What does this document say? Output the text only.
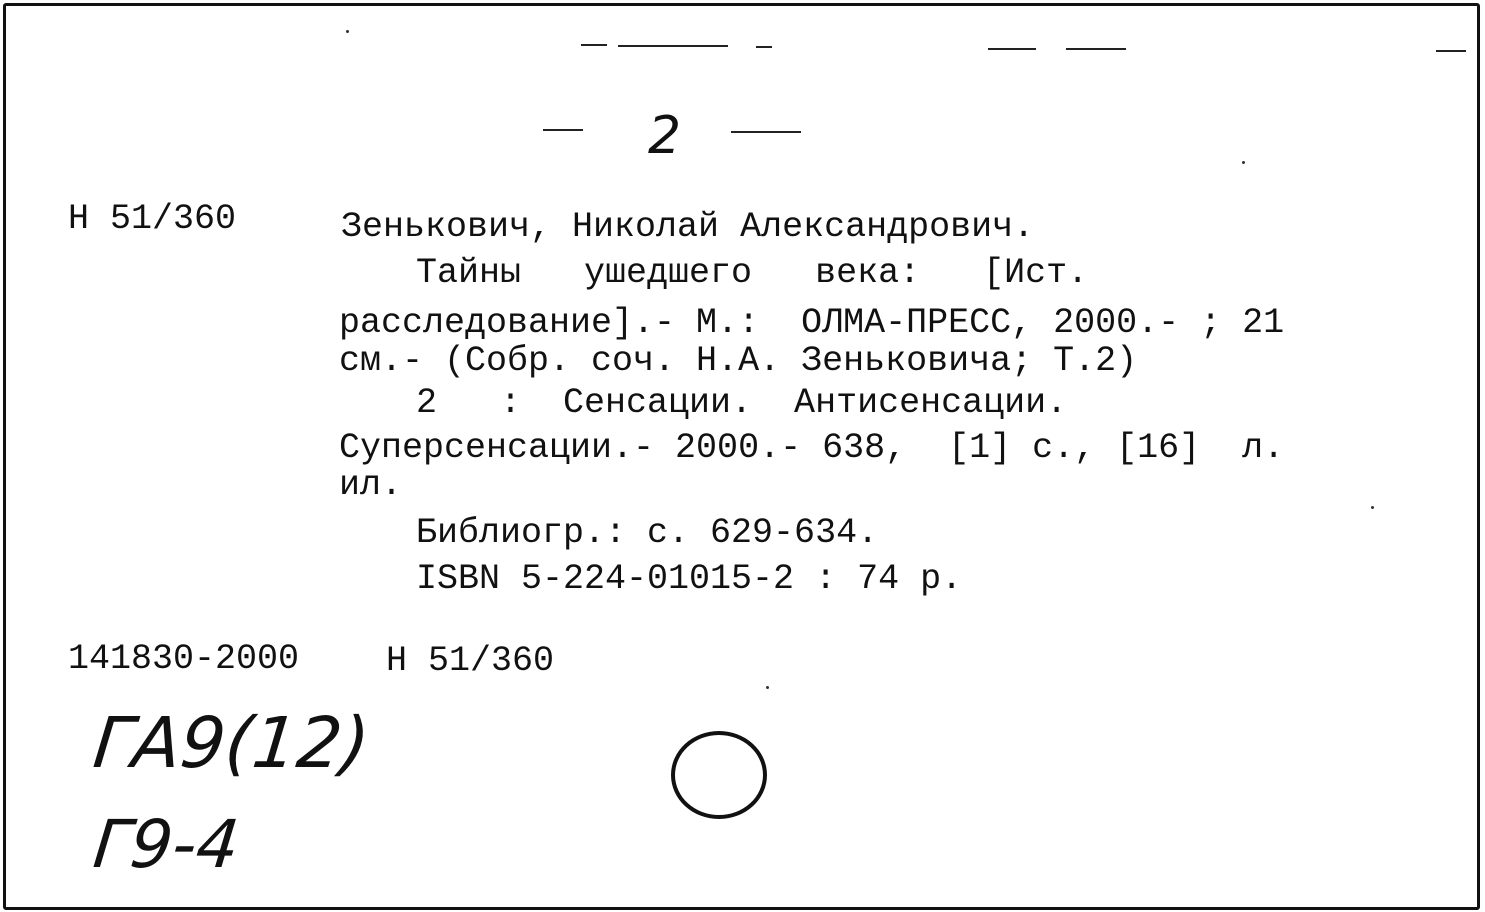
2

Н 51/360	Зенькович, Николай Александрович.

Тайны   ушедшего   века:   [Ист.

расследование].- М.:  ОЛМА-ПРЕСС, 2000.- ; 21

см.- (Собр. соч. Н.А. Зеньковича; Т.2)

2   :  Сенсации.  Антисенсации.

Суперсенсации.- 2000.- 638,  [1] с., [16]  л.

ил.

Библиогр.: с. 629-634.

ISBN 5-224-01015-2 : 74 р.

141830-2000 Н 51/360

ГА9(12)

Г9-4
